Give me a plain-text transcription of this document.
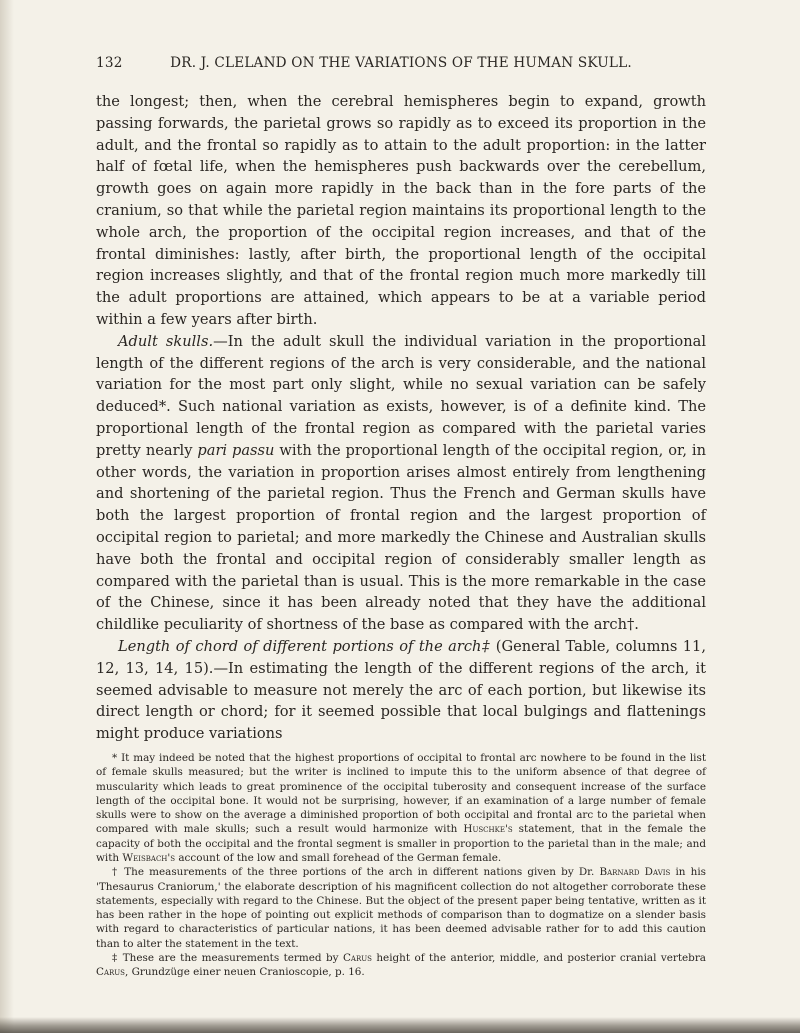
132	DR. J. CLELAND ON THE VARIATIONS OF THE HUMAN SKULL.

the longest; then, when the cerebral hemispheres begin to expand, growth passing forwards, the parietal grows so rapidly as to exceed its proportion in the adult, and the frontal so rapidly as to attain to the adult proportion: in the latter half of fœtal life, when the hemispheres push backwards over the cerebellum, growth goes on again more rapidly in the back than in the fore parts of the cranium, so that while the parietal region maintains its proportional length to the whole arch, the proportion of the occipital region increases, and that of the frontal diminishes: lastly, after birth, the proportional length of the occipital region increases slightly, and that of the frontal region much more markedly till the adult proportions are attained, which appears to be at a variable period within a few years after birth.

Adult skulls.—In the adult skull the individual variation in the proportional length of the different regions of the arch is very considerable, and the national variation for the most part only slight, while no sexual variation can be safely deduced*. Such national variation as exists, however, is of a definite kind. The proportional length of the frontal region as compared with the parietal varies pretty nearly pari passu with the proportional length of the occipital region, or, in other words, the variation in proportion arises almost entirely from lengthening and shortening of the parietal region. Thus the French and German skulls have both the largest proportion of frontal region and the largest proportion of occipital region to parietal; and more markedly the Chinese and Australian skulls have both the frontal and occipital region of considerably smaller length as compared with the parietal than is usual. This is the more remarkable in the case of the Chinese, since it has been already noted that they have the additional childlike peculiarity of shortness of the base as compared with the arch†.

Length of chord of different portions of the arch‡ (General Table, columns 11, 12, 13, 14, 15).—In estimating the length of the different regions of the arch, it seemed advisable to measure not merely the arc of each portion, but likewise its direct length or chord; for it seemed possible that local bulgings and flattenings might produce variations

* It may indeed be noted that the highest proportions of occipital to frontal arc nowhere to be found in the list of female skulls measured; but the writer is inclined to impute this to the uniform absence of that degree of muscularity which leads to great prominence of the occipital tuberosity and consequent increase of the surface length of the occipital bone. It would not be surprising, however, if an examination of a large number of female skulls were to show on the average a diminished proportion of both occipital and frontal arc to the parietal when compared with male skulls; such a result would harmonize with Huschke's statement, that in the female the capacity of both the occipital and the frontal segment is smaller in proportion to the parietal than in the male; and with Weisbach's account of the low and small forehead of the German female.

† The measurements of the three portions of the arch in different nations given by Dr. Barnard Davis in his 'Thesaurus Craniorum,' the elaborate description of his magnificent collection do not altogether corroborate these statements, especially with regard to the Chinese. But the object of the present paper being tentative, written as it has been rather in the hope of pointing out explicit methods of comparison than to dogmatize on a slender basis with regard to characteristics of particular nations, it has been deemed advisable rather for to add this caution than to alter the statement in the text.

‡ These are the measurements termed by Carus height of the anterior, middle, and posterior cranial vertebra Carus, Grundzüge einer neuen Cranioscopie, p. 16.
